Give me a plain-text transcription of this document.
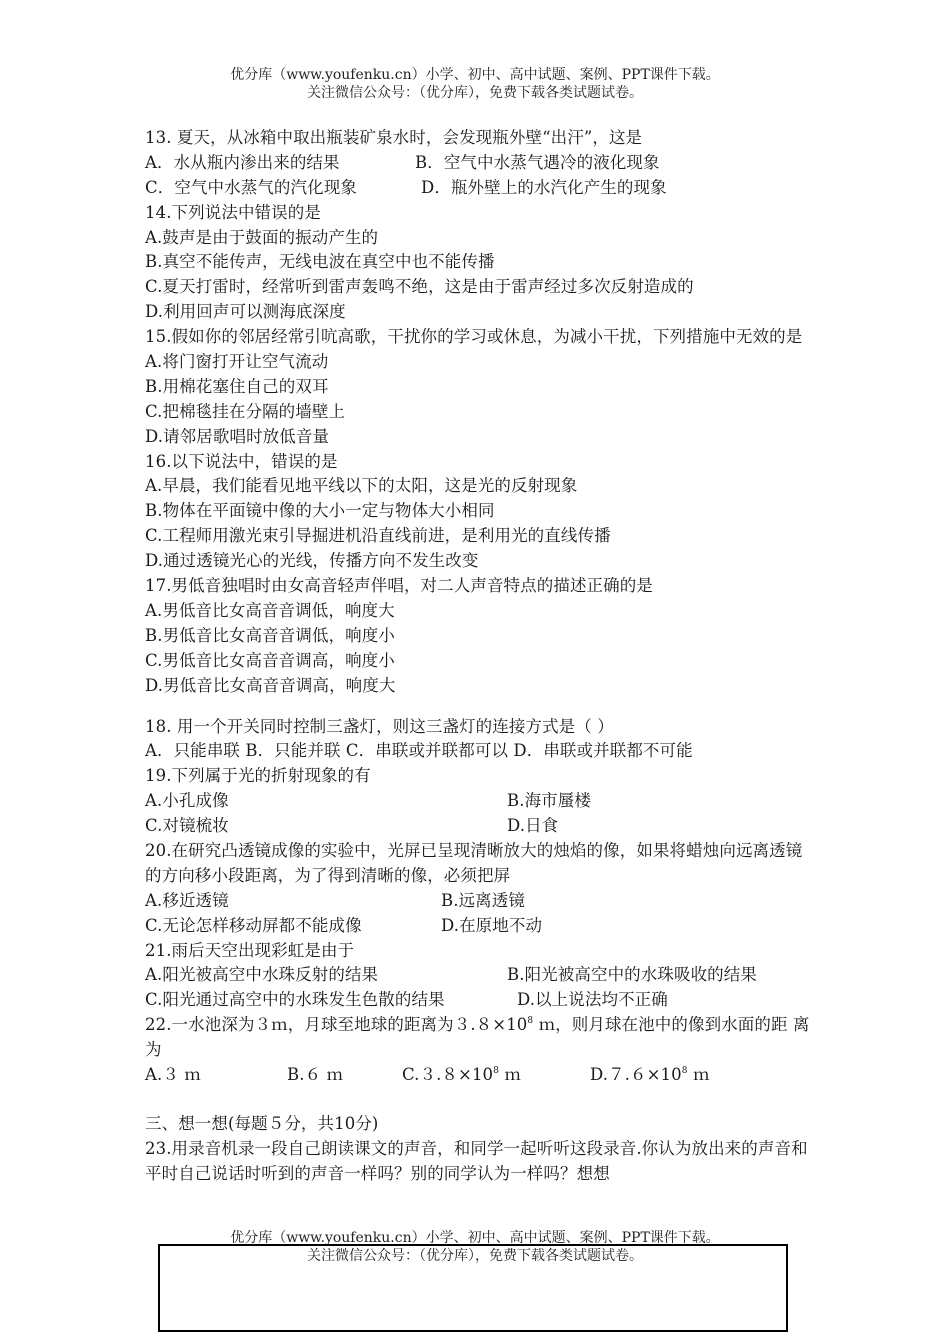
优分库（www.youfenku.cn）小学、初中、高中试题、案例、PPT课件下载。
关注微信公众号：（优分库），免费下载各类试题试卷。
13. 夏天，从冰箱中取出瓶装矿泉水时，会发现瓶外壁“出汗”，这是
A．水从瓶内渗出来的结果	B．空气中水蒸气遇冷的液化现象
C．空气中水蒸气的汽化现象	D．瓶外壁上的水汽化产生的现象
14.下列说法中错误的是
A.鼓声是由于鼓面的振动产生的
B.真空不能传声，无线电波在真空中也不能传播
C.夏天打雷时，经常听到雷声轰鸣不绝，这是由于雷声经过多次反射造成的
D.利用回声可以测海底深度
15.假如你的邻居经常引吭高歌，干扰你的学习或休息，为减小干扰，下列措施中无效的是
A.将门窗打开让空气流动
B.用棉花塞住自己的双耳
C.把棉毯挂在分隔的墙壁上
D.请邻居歌唱时放低音量
16.以下说法中，错误的是
A.早晨，我们能看见地平线以下的太阳，这是光的反射现象
B.物体在平面镜中像的大小一定与物体大小相同
C.工程师用激光束引导掘进机沿直线前进，是利用光的直线传播
D.通过透镜光心的光线，传播方向不发生改变
17.男低音独唱时由女高音轻声伴唱，对二人声音特点的描述正确的是
A.男低音比女高音音调低，响度大
B.男低音比女高音音调低，响度小
C.男低音比女高音音调高，响度小
D.男低音比女高音音调高，响度大
18. 用一个开关同时控制三盏灯，则这三盏灯的连接方式是（ ）
A．只能串联 B．只能并联 C．串联或并联都可以 D．串联或并联都不可能
19.下列属于光的折射现象的有
A.小孔成像	B.海市蜃楼
C.对镜梳妆	D.日食
20.在研究凸透镜成像的实验中，光屏已呈现清晰放大的烛焰的像，如果将蜡烛向远离透镜的方向移小段距离，为了得到清晰的像，必须把屏
A.移近透镜	B.远离透镜
C.无论怎样移动屏都不能成像	D.在原地不动
21.雨后天空出现彩虹是由于
A.阳光被高空中水珠反射的结果	B.阳光被高空中的水珠吸收的结果
C.阳光通过高空中的水珠发生色散的结果	D.以上说法均不正确
22.一水池深为３ｍ，月球至地球的距离为$3.8\times 10^8$ ｍ，则月球在池中的像到水面的距 离为
A.３ ｍ	B.６ ｍ	$C.3.8\times 10^8$ ｍ	$D.7.6\times 10^8$ ｍ
三、想一想(每题５分，共10分)
23.用录音机录一段自己朗读课文的声音，和同学一起听听这段录音.你认为放出来的声音和平时自己说话时听到的声音一样吗？别的同学认为一样吗？想想
优分库（www.youfenku.cn）小学、初中、高中试题、案例、PPT课件下载。
关注微信公众号：（优分库），免费下载各类试题试卷。
